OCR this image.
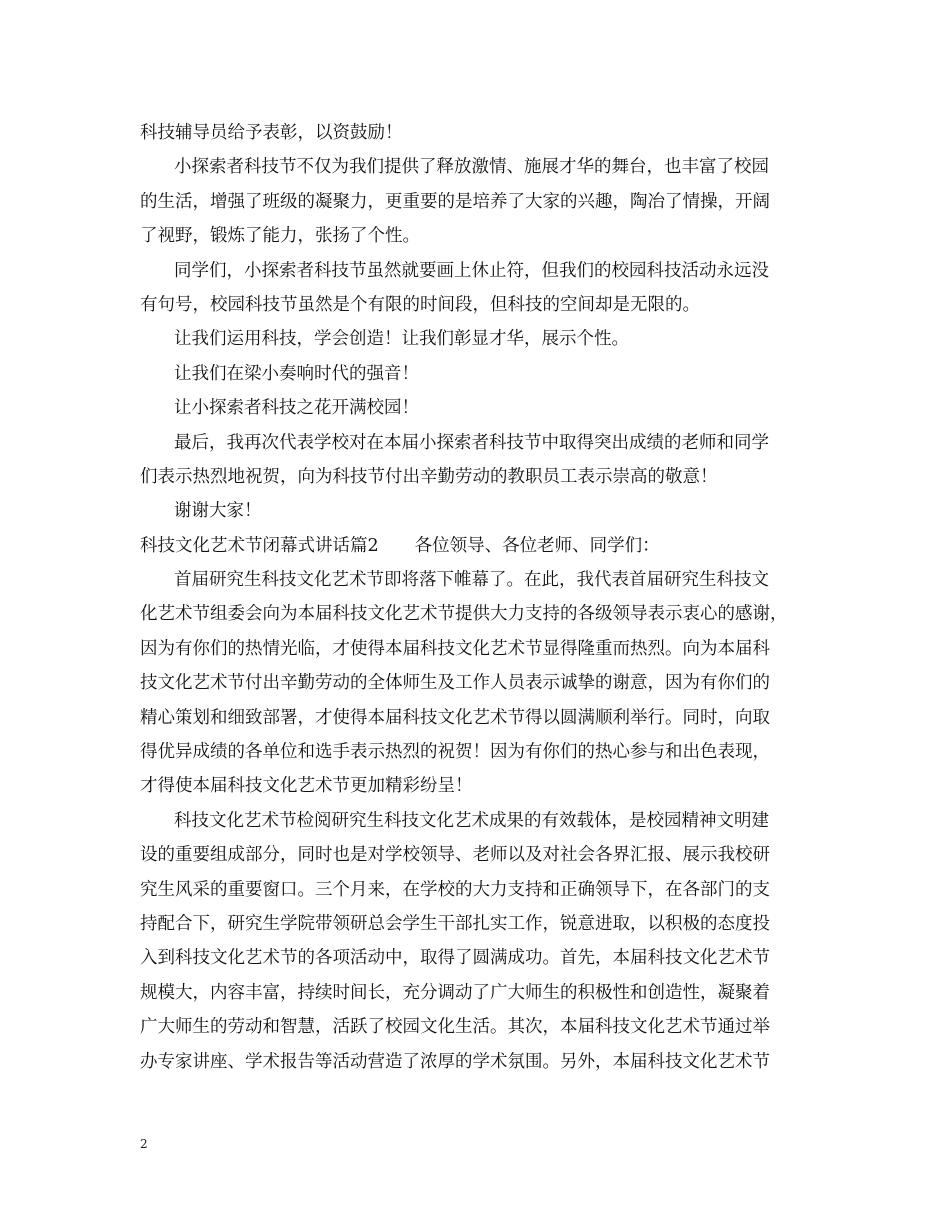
科技辅导员给予表彰，以资鼓励！
小探索者科技节不仅为我们提供了释放激情、施展才华的舞台，也丰富了校园
的生活，增强了班级的凝聚力，更重要的是培养了大家的兴趣，陶冶了情操，开阔
了视野，锻炼了能力，张扬了个性。
同学们，小探索者科技节虽然就要画上休止符，但我们的校园科技活动永远没
有句号，校园科技节虽然是个有限的时间段，但科技的空间却是无限的。
让我们运用科技，学会创造！让我们彰显才华，展示个性。
让我们在梁小奏响时代的强音！
让小探索者科技之花开满校园！
最后，我再次代表学校对在本届小探索者科技节中取得突出成绩的老师和同学
们表示热烈地祝贺，向为科技节付出辛勤劳动的教职员工表示崇高的敬意！
谢谢大家！
科技文化艺术节闭幕式讲话篇2 各位领导、各位老师、同学们：
首届研究生科技文化艺术节即将落下帷幕了。在此，我代表首届研究生科技文
化艺术节组委会向为本届科技文化艺术节提供大力支持的各级领导表示衷心的感谢，
因为有你们的热情光临，才使得本届科技文化艺术节显得隆重而热烈。向为本届科
技文化艺术节付出辛勤劳动的全体师生及工作人员表示诚挚的谢意，因为有你们的
精心策划和细致部署，才使得本届科技文化艺术节得以圆满顺利举行。同时，向取
得优异成绩的各单位和选手表示热烈的祝贺！因为有你们的热心参与和出色表现，
才得使本届科技文化艺术节更加精彩纷呈！
科技文化艺术节检阅研究生科技文化艺术成果的有效载体，是校园精神文明建
设的重要组成部分，同时也是对学校领导、老师以及对社会各界汇报、展示我校研
究生风采的重要窗口。三个月来，在学校的大力支持和正确领导下，在各部门的支
持配合下，研究生学院带领研总会学生干部扎实工作，锐意进取，以积极的态度投
入到科技文化艺术节的各项活动中，取得了圆满成功。首先，本届科技文化艺术节
规模大，内容丰富，持续时间长，充分调动了广大师生的积极性和创造性，凝聚着
广大师生的劳动和智慧，活跃了校园文化生活。其次，本届科技文化艺术节通过举
办专家讲座、学术报告等活动营造了浓厚的学术氛围。另外，本届科技文化艺术节
2
